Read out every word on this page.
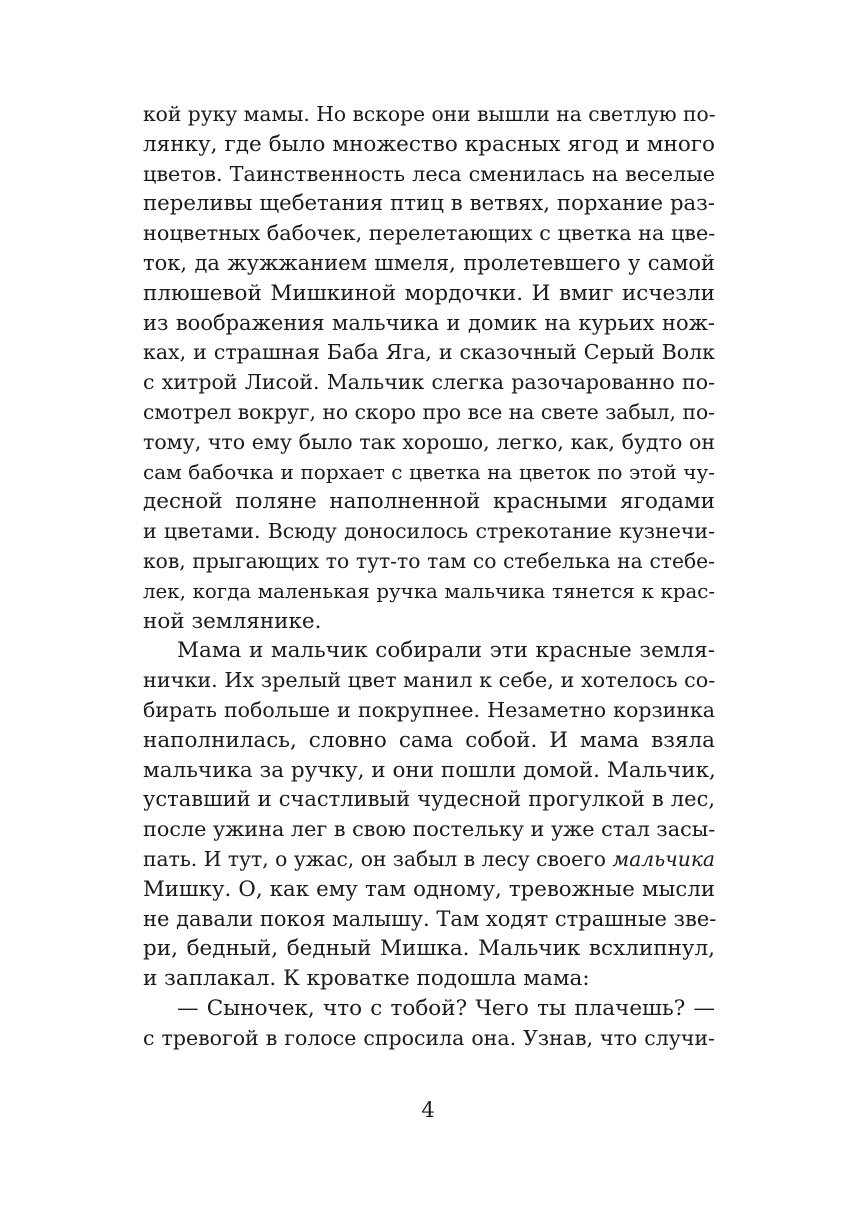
кой руку мамы. Но вскоре они вышли на светлую по-
лянку, где было множество красных ягод и много
цветов. Таинственность леса сменилась на веселые
переливы щебетания птиц в ветвях, порхание раз-
ноцветных бабочек, перелетающих с цветка на цве-
ток, да жужжанием шмеля, пролетевшего у самой
плюшевой Мишкиной мордочки. И вмиг исчезли
из воображения мальчика и домик на курьих нож-
ках, и страшная Баба Яга, и сказочный Серый Волк
с хитрой Лисой. Мальчик слегка разочарованно по-
смотрел вокруг, но скоро про все на свете забыл, по-
тому, что ему было так хорошо, легко, как, будто он
сам бабочка и порхает с цветка на цветок по этой чу-
десной поляне наполненной красными ягодами
и цветами. Всюду доносилось стрекотание кузнечи-
ков, прыгающих то тут-то там со стебелька на стебе-
лек, когда маленькая ручка мальчика тянется к крас-
ной землянике.
Мама и мальчик собирали эти красные земля-
нички. Их зрелый цвет манил к себе, и хотелось со-
бирать побольше и покрупнее. Незаметно корзинка
наполнилась, словно сама собой. И мама взяла
мальчика за ручку, и они пошли домой. Мальчик,
уставший и счастливый чудесной прогулкой в лес,
после ужина лег в свою постельку и уже стал засы-
пать. И тут, о ужас, он забыл в лесу своего мальчика
Мишку. О, как ему там одному, тревожные мысли
не давали покоя малышу. Там ходят страшные зве-
ри, бедный, бедный Мишка. Мальчик всхлипнул,
и заплакал. К кроватке подошла мама:
— Сыночек, что с тобой? Чего ты плачешь? —
с тревогой в голосе спросила она. Узнав, что случи-
4
